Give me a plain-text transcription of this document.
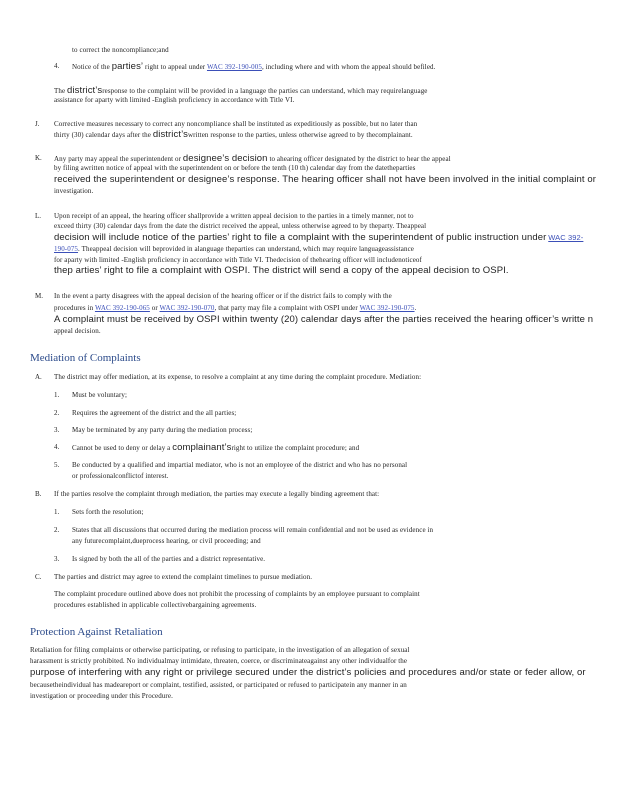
to correct the noncompliance;and
4. Notice of the parties’ right to appeal under WAC 392-190-005, including where and with whom the appeal should befiled.
The district’sresponse to the complaint will be provided in a language the parties can understand, which may requirelanguage
assistance for aparty with limited -English proficiency in accordance with Title VI.
J. Corrective measures necessary to correct any noncompliance shall be instituted as expeditiously as possible, but no later than
thirty (30) calendar days after the district’swritten response to the parties, unless otherwise agreed to by thecomplainant.
K. Any party may appeal the superintendent or designee’s decision to ahearing officer designated by the district to hear the appeal
by filing awritten notice of appeal with the superintendent on or before the tenth (10 th) calendar day from the datetheparties
received the superintendent or designee’s response. The hearing officer shall not have been involved in the initial complaint or
investigation.
L. Upon receipt of an appeal, the hearing officer shallprovide a written appeal decision to the parties in a timely manner, not to
exceed thirty (30) calendar days from the date the district received the appeal, unless otherwise agreed to by theparty. Theappeal
decision will include notice of the parties’ right to file a complaint with the superintendent of public instruction under WAC 392-
190-075. Theappeal decision will beprovided in alanguage theparties can understand, which may require languageassistance
for aparty with limited -English proficiency in accordance with Title VI. Thedecision of thehearing officer will includenoticeof
thep arties’ right to file a complaint with OSPI. The district will send a copy of the appeal decision to OSPI.
M. In the event a party disagrees with the appeal decision of the hearing officer or if the district fails to comply with the
procedures in WAC 392-190-065 or WAC 392-190-070, that party may file a complaint with OSPI under WAC 392-190-075.
A complaint must be received by OSPI within twenty (20) calendar days after the parties received the hearing officer’s writte n
appeal decision.
Mediation of Complaints
A. The district may offer mediation, at its expense, to resolve a complaint at any time during the complaint procedure. Mediation:
1. Must be voluntary;
2. Requires the agreement of the district and the all parties;
3. May be terminated by any party during the mediation process;
4. Cannot be used to deny or delay a complainant’sright to utilize the complaint procedure; and
5. Be conducted by a qualified and impartial mediator, who is not an employee of the district and who has no personal
or professionalconflictof interest.
B. If the parties resolve the complaint through mediation, the parties may execute a legally binding agreement that:
1. Sets forth the resolution;
2. States that all discussions that occurred during the mediation process will remain confidential and not be used as evidence in
any futurecomplaint,dueprocess hearing, or civil proceeding; and
3. Is signed by both the all of the parties and a district representative.
C. The parties and district may agree to extend the complaint timelines to pursue mediation.
The complaint procedure outlined above does not prohibit the processing of complaints by an employee pursuant to complaint
procedures established in applicable collectivebargaining agreements.
Protection Against Retaliation
Retaliation for filing complaints or otherwise participating, or refusing to participate, in the investigation of an allegation of sexual
harassment is strictly prohibited. No individualmay intimidate, threaten, coerce, or discriminateagainst any other individualfor the
purpose of interfering with any right or privilege secured under the district’s policies and procedures and/or state or feder allow, or
becausetheindividual has madeareport or complaint, testified, assisted, or participated or refused to participatein any manner in an
investigation or proceeding under this Procedure.
